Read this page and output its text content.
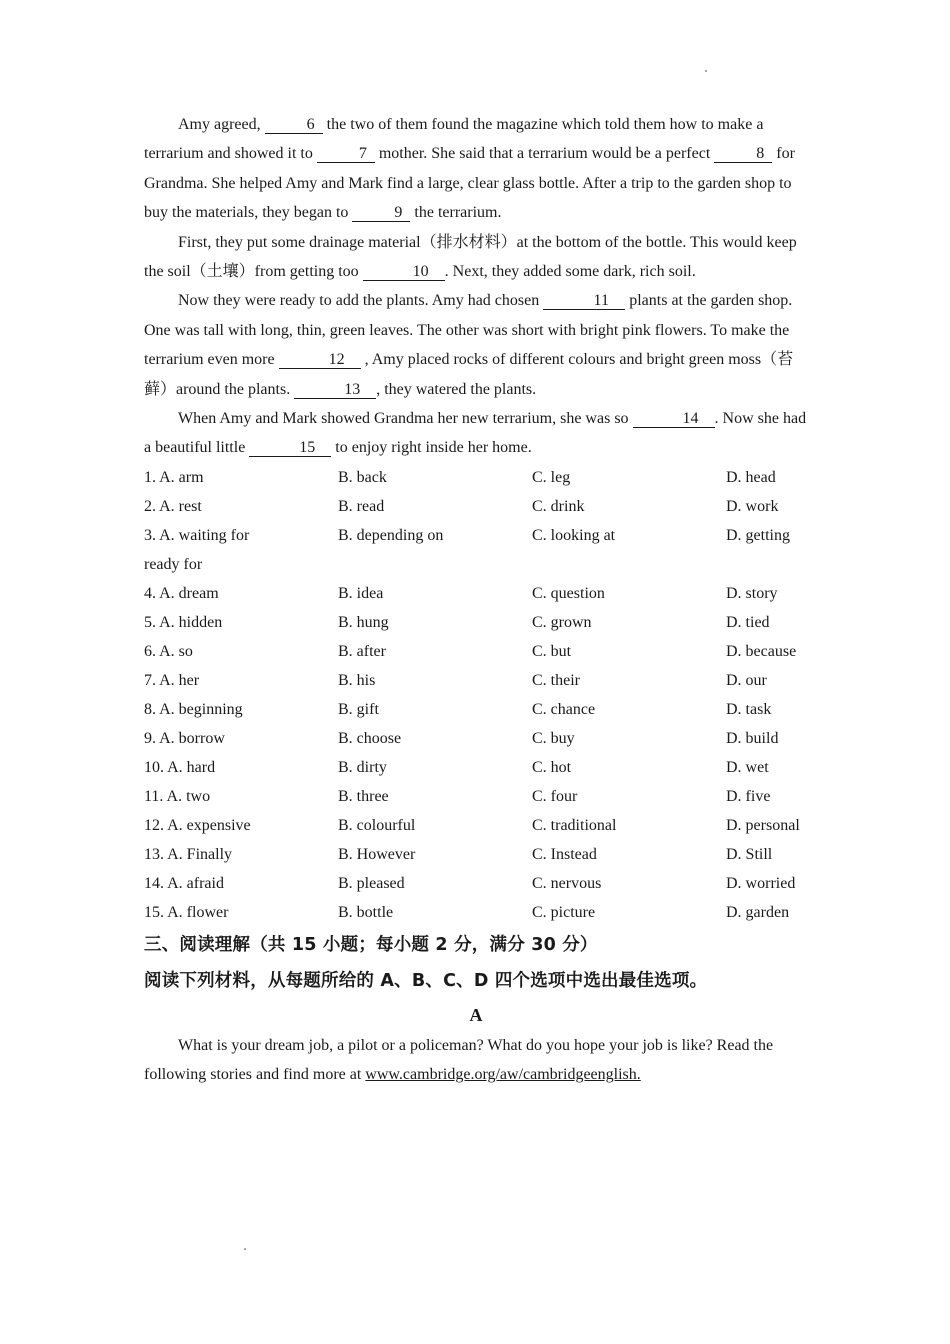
Amy agreed,	6 the two of them found the magazine which told them how to make a terrarium and showed it to	7 mother. She said that a terrarium would be a perfect	8 for Grandma. She helped Amy and Mark find a large, clear glass bottle. After a trip to the garden shop to buy the materials, they began to	9 the terrarium.

First, they put some drainage material（排水材料）at the bottom of the bottle. This would keep the soil（土壤）from getting too	10 . Next, they added some dark, rich soil.

Now they were ready to add the plants. Amy had chosen	11 plants at the garden shop. One was tall with long, thin, green leaves. The other was short with bright pink flowers. To make the terrarium even more	12 , Amy placed rocks of different colours and bright green moss（苔藓）around the plants.	13 , they watered the plants.

When Amy and Mark showed Grandma her new terrarium, she was so	14 . Now she had a beautiful little	15 to enjoy right inside her home.

1. A. arm	B. back	C. leg	D. head
2. A. rest	B. read	C. drink	D. work
3. A. waiting for	B. depending on	C. looking at	D. getting
ready for
4. A. dream	B. idea	C. question	D. story
5. A. hidden	B. hung	C. grown	D. tied
6. A. so	B. after	C. but	D. because
7. A. her	B. his	C. their	D. our
8. A. beginning	B. gift	C. chance	D. task
9. A. borrow	B. choose	C. buy	D. build
10. A. hard	B. dirty	C. hot	D. wet
11. A. two	B. three	C. four	D. five
12. A. expensive	B. colourful	C. traditional	D. personal
13. A. Finally	B. However	C. Instead	D. Still
14. A. afraid	B. pleased	C. nervous	D. worried
15. A. flower	B. bottle	C. picture	D. garden

三、阅读理解（共 15 小题；每小题 2 分，满分 30 分）

阅读下列材料，从每题所给的 A、B、C、D 四个选项中选出最佳选项。

A

What is your dream job, a pilot or a policeman? What do you hope your job is like? Read the following stories and find more at www.cambridge.org/aw/cambridgeenglish.
